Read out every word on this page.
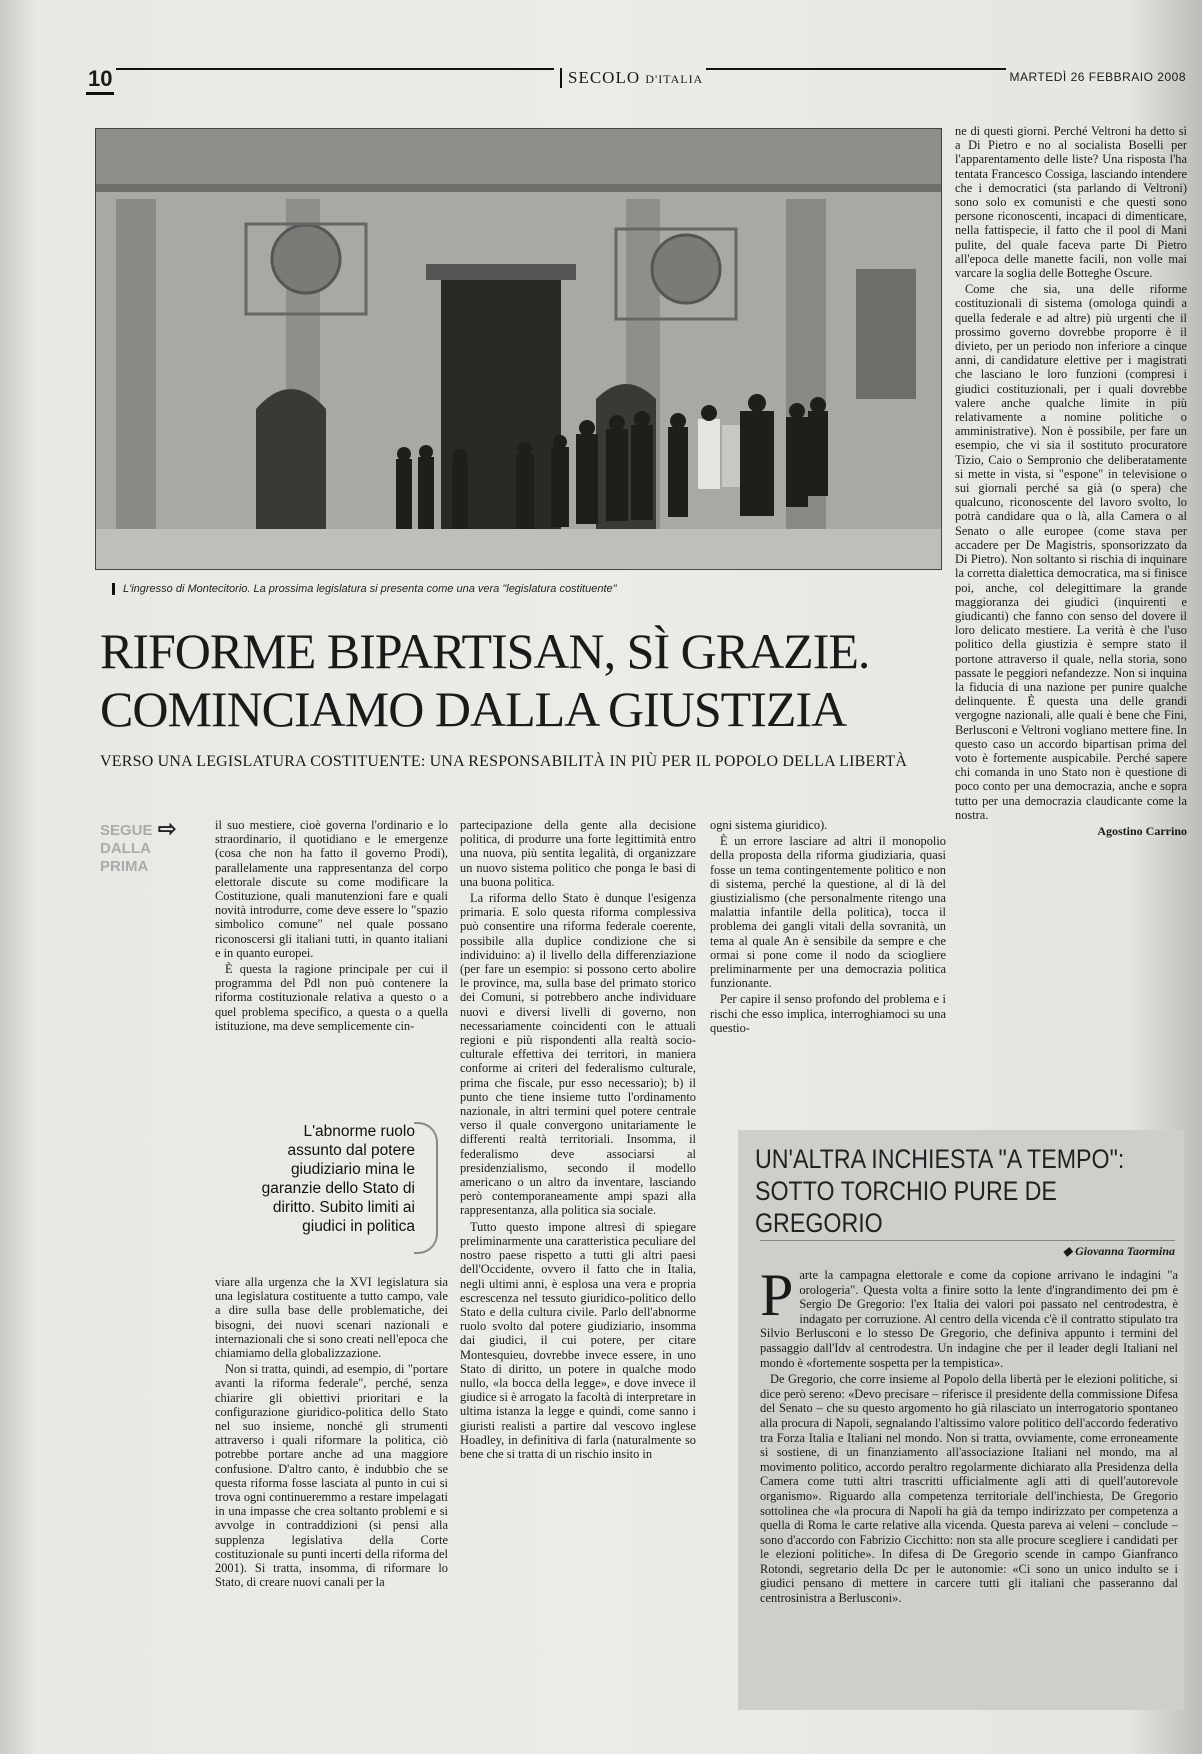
10	SECOLO D'ITALIA	MARTEDÌ 26 FEBBRAIO 2008
L'ingresso di Montecitorio. La prossima legislatura si presenta come una vera "legislatura costituente"
RIFORME BIPARTISAN, SÌ GRAZIE.
COMINCIAMO DALLA GIUSTIZIA
VERSO UNA LEGISLATURA COSTITUENTE: UNA RESPONSABILITÀ IN PIÙ PER IL POPOLO DELLA LIBERTÀ
SEGUE
DALLA
PRIMA
⇨	il suo mestiere, cioè governa l'ordinario e lo straordinario, il quotidiano e le emergenze (cosa che non ha fatto il governo Prodi), parallelamente una rappresentanza del corpo elettorale discute su come modificare la Costituzione, quali manutenzioni fare e quali novità introdurre, come deve essere lo "spazio simbolico comune" nel quale possano riconoscersi gli italiani tutti, in quanto italiani e in quanto europei.

È questa la ragione principale per cui il programma del Pdl non può contenere la riforma costituzionale relativa a questo o a quel problema specifico, a questa o a quella istituzione, ma deve semplicemente cin-

L'abnorme ruolo assunto dal potere giudiziario mina le garanzie dello Stato di diritto. Subito limiti ai giudici in politica

viare alla urgenza che la XVI legislatura sia una legislatura costituente a tutto campo, vale a dire sulla base delle problematiche, dei bisogni, dei nuovi scenari nazionali e internazionali che si sono creati nell'epoca che chiamiamo della globalizzazione.

Non si tratta, quindi, ad esempio, di "portare avanti la riforma federale", perché, senza chiarire gli obiettivi prioritari e la configurazione giuridico-politica dello Stato nel suo insieme, nonché gli strumenti attraverso i quali riformare la politica, ciò potrebbe portare anche ad una maggiore confusione. D'altro canto, è indubbio che se questa riforma fosse lasciata al punto in cui si trova ogni continueremmo a restare impelagati in una impasse che crea soltanto problemi e si avvolge in contraddizioni (si pensi alla supplenza legislativa della Corte costituzionale su punti incerti della riforma del 2001). Si tratta, insomma, di riformare lo Stato, di creare nuovi canali per la

partecipazione della gente alla decisione politica, di produrre una forte legittimità entro una nuova, più sentita legalità, di organizzare un nuovo sistema politico che ponga le basi di una buona politica.

La riforma dello Stato è dunque l'esigenza primaria. E solo questa riforma complessiva può consentire una riforma federale coerente, possibile alla duplice condizione che si individuino: a) il livello della differenziazione (per fare un esempio: si possono certo abolire le province, ma, sulla base del primato storico dei Comuni, si potrebbero anche individuare nuovi e diversi livelli di governo, non necessariamente coincidenti con le attuali regioni e più rispondenti alla realtà socio-culturale effettiva dei territori, in maniera conforme ai criteri del federalismo culturale, prima che fiscale, pur esso necessario); b) il punto che tiene insieme tutto l'ordinamento nazionale, in altri termini quel potere centrale verso il quale convergono unitariamente le differenti realtà territoriali. Insomma, il federalismo deve associarsi al presidenzialismo, secondo il modello americano o un altro da inventare, lasciando però contemporaneamente ampi spazi alla rappresentanza, alla politica sia sociale.

Tutto questo impone altresì di spiegare preliminarmente una caratteristica peculiare del nostro paese rispetto a tutti gli altri paesi dell'Occidente, ovvero il fatto che in Italia, negli ultimi anni, è esplosa una vera e propria escrescenza nel tessuto giuridico-politico dello Stato e della cultura civile. Parlo dell'abnorme ruolo svolto dal potere giudiziario, insomma dai giudici, il cui potere, per citare Montesquieu, dovrebbe invece essere, in uno Stato di diritto, un potere in qualche modo nullo, «la bocca della legge», e dove invece il giudice si è arrogato la facoltà di interpretare in ultima istanza la legge e quindi, come sanno i giuristi realisti a partire dal vescovo inglese Hoadley, in definitiva di farla (naturalmente so bene che si tratta di un rischio insito in

ogni sistema giuridico).

È un errore lasciare ad altri il monopolio della proposta della riforma giudiziaria, quasi fosse un tema contingentemente politico e non di sistema, perché la questione, al di là del giustizialismo (che personalmente ritengo una malattia infantile della politica), tocca il problema dei gangli vitali della sovranità, un tema al quale An è sensibile da sempre e che ormai si pone come il nodo da sciogliere preliminarmente per una democrazia politica funzionante.

Per capire il senso profondo del problema e i rischi che esso implica, interroghiamoci su una questio-

ne di questi giorni. Perché Veltroni ha detto sì a Di Pietro e no al socialista Boselli per l'apparentamento delle liste? Una risposta l'ha tentata Francesco Cossiga, lasciando intendere che i democratici (sta parlando di Veltroni) sono solo ex comunisti e che questi sono persone riconoscenti, incapaci di dimenticare, nella fattispecie, il fatto che il pool di Mani pulite, del quale faceva parte Di Pietro all'epoca delle manette facili, non volle mai varcare la soglia delle Botteghe Oscure.

Come che sia, una delle riforme costituzionali di sistema (omologa quindi a quella federale e ad altre) più urgenti che il prossimo governo dovrebbe proporre è il divieto, per un periodo non inferiore a cinque anni, di candidature elettive per i magistrati che lasciano le loro funzioni (compresi i giudici costituzionali, per i quali dovrebbe valere anche qualche limite in più relativamente a nomine politiche o amministrative). Non è possibile, per fare un esempio, che vi sia il sostituto procuratore Tizio, Caio o Sempronio che deliberatamente si mette in vista, si "espone" in televisione o sui giornali perché sa già (o spera) che qualcuno, riconoscente del lavoro svolto, lo potrà candidare qua o là, alla Camera o al Senato o alle europee (come stava per accadere per De Magistris, sponsorizzato da Di Pietro). Non soltanto si rischia di inquinare la corretta dialettica democratica, ma si finisce poi, anche, col delegittimare la grande maggioranza dei giudici (inquirenti e giudicanti) che fanno con senso del dovere il loro delicato mestiere. La verità è che l'uso politico della giustizia è sempre stato il portone attraverso il quale, nella storia, sono passate le peggiori nefandezze. Non si inquina la fiducia di una nazione per punire qualche delinquente. È questa una delle grandi vergogne nazionali, alle quali è bene che Fini, Berlusconi e Veltroni vogliano mettere fine. In questo caso un accordo bipartisan prima del voto è fortemente auspicabile. Perché sapere chi comanda in uno Stato non è questione di poco conto per una democrazia, anche e sopra tutto per una democrazia claudicante come la nostra.

Agostino Carrino
UN'ALTRA INCHIESTA "A TEMPO":
SOTTO TORCHIO PURE DE GREGORIO
◆ Giovanna Taormina

Parte la campagna elettorale e come da copione arrivano le indagini "a orologeria". Questa volta a finire sotto la lente d'ingrandimento dei pm è Sergio De Gregorio: l'ex Italia dei valori poi passato nel centrodestra, è indagato per corruzione. Al centro della vicenda c'è il contratto stipulato tra Silvio Berlusconi e lo stesso De Gregorio, che definiva appunto i termini del passaggio dall'Idv al centrodestra. Un indagine che per il leader degli Italiani nel mondo è «fortemente sospetta per la tempistica».

De Gregorio, che corre insieme al Popolo della libertà per le elezioni politiche, si dice però sereno: «Devo precisare – riferisce il presidente della commissione Difesa del Senato – che su questo argomento ho già rilasciato un interrogatorio spontaneo alla procura di Napoli, segnalando l'altissimo valore politico dell'accordo federativo tra Forza Italia e Italiani nel mondo. Non si tratta, ovviamente, come erroneamente si sostiene, di un finanziamento all'associazione Italiani nel mondo, ma al movimento politico, accordo peraltro regolarmente dichiarato alla Presidenza della Camera come tutti altri trascritti ufficialmente agli atti di quell'autorevole organismo». Riguardo alla competenza territoriale dell'inchiesta, De Gregorio sottolinea che «la procura di Napoli ha già da tempo indirizzato per competenza a quella di Roma le carte relative alla vicenda. Questa pareva ai veleni – conclude – sono d'accordo con Fabrizio Cicchitto: non sta alle procure scegliere i candidati per le elezioni politiche». In difesa di De Gregorio scende in campo Gianfranco Rotondi, segretario della Dc per le autonomie: «Ci sono un unico indulto se i giudici pensano di mettere in carcere tutti gli italiani che passeranno dal centrosinistra a Berlusconi».
